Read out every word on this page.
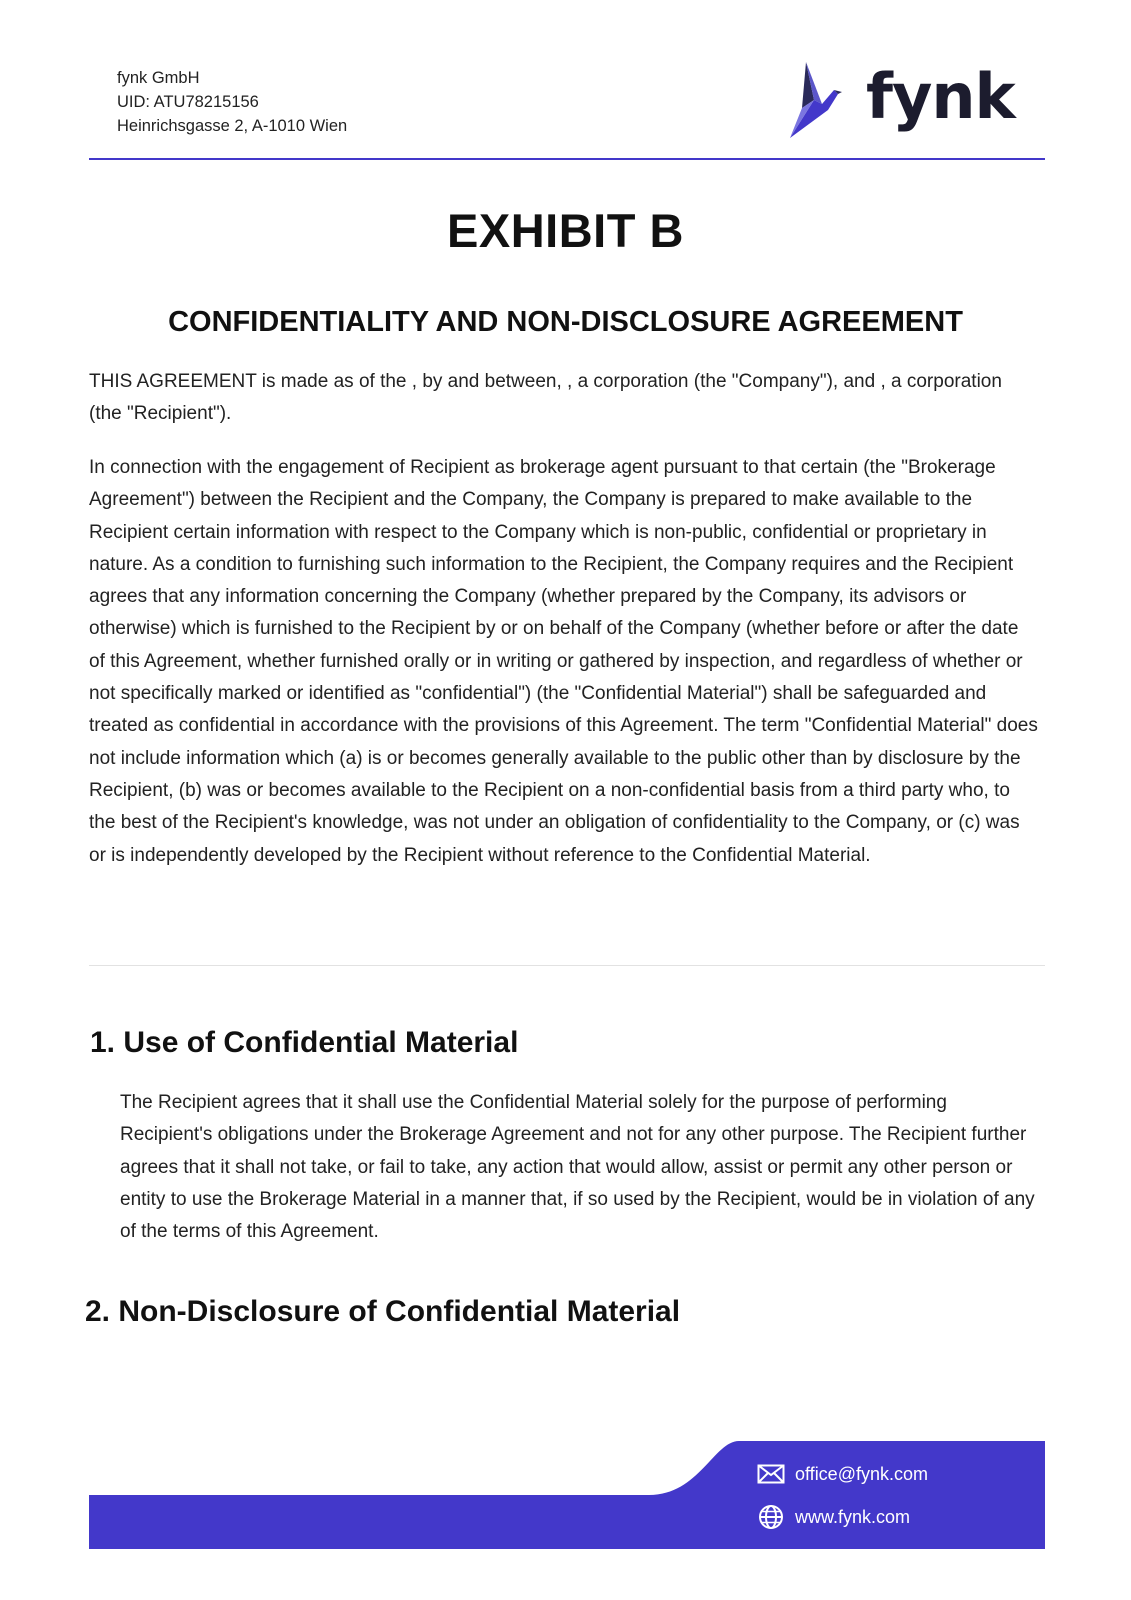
fynk GmbH
UID: ATU78215156
Heinrichsgasse 2, A-1010 Wien	fynk
EXHIBIT B
CONFIDENTIALITY AND NON-DISCLOSURE AGREEMENT

THIS AGREEMENT is made as of the , by and between, , a corporation (the "Company"), and , a corporation (the "Recipient").

In connection with the engagement of Recipient as brokerage agent pursuant to that certain (the "Brokerage Agreement") between the Recipient and the Company, the Company is prepared to make available to the Recipient certain information with respect to the Company which is non-public, confidential or proprietary in nature. As a condition to furnishing such information to the Recipient, the Company requires and the Recipient agrees that any information concerning the Company (whether prepared by the Company, its advisors or otherwise) which is furnished to the Recipient by or on behalf of the Company (whether before or after the date of this Agreement, whether furnished orally or in writing or gathered by inspection, and regardless of whether or not specifically marked or identified as "confidential") (the "Confidential Material") shall be safeguarded and treated as confidential in accordance with the provisions of this Agreement. The term "Confidential Material" does not include information which (a) is or becomes generally available to the public other than by disclosure by the Recipient, (b) was or becomes available to the Recipient on a non-confidential basis from a third party who, to the best of the Recipient's knowledge, was not under an obligation of confidentiality to the Company, or (c) was or is independently developed by the Recipient without reference to the Confidential Material.

1. Use of Confidential Material

The Recipient agrees that it shall use the Confidential Material solely for the purpose of performing Recipient's obligations under the Brokerage Agreement and not for any other purpose. The Recipient further agrees that it shall not take, or fail to take, any action that would allow, assist or permit any other person or entity to use the Brokerage Material in a manner that, if so used by the Recipient, would be in violation of any of the terms of this Agreement.

2. Non-Disclosure of Confidential Material
office@fynk.com
www.fynk.com
